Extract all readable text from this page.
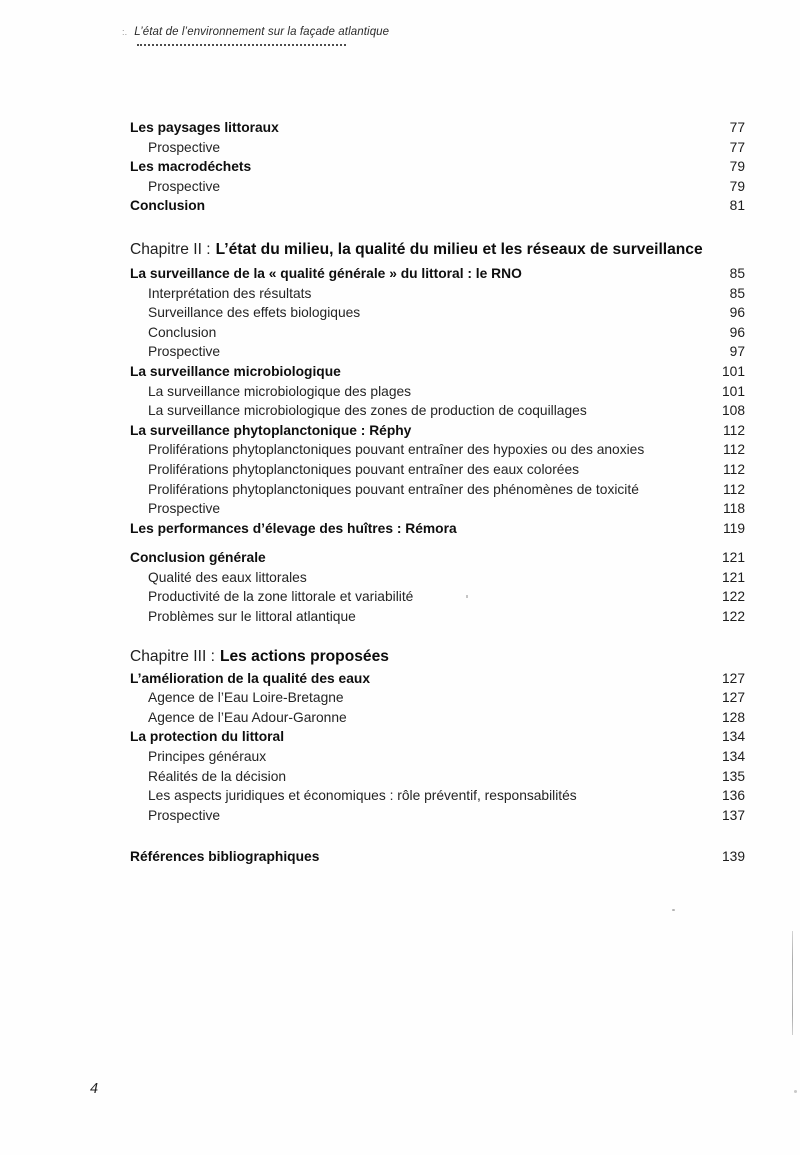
:. L’état de l’environnement sur la façade atlantique
Les paysages littoraux	77
Prospective	77
Les macrodéchets	79
Prospective	79
Conclusion	81
Chapitre II : L’état du milieu, la qualité du milieu et les réseaux de surveillance
La surveillance de la « qualité générale » du littoral : le RNO	85
Interprétation des résultats	85
Surveillance des effets biologiques	96
Conclusion	96
Prospective	97
La surveillance microbiologique	101
La surveillance microbiologique des plages	101
La surveillance microbiologique des zones de production de coquillages	108
La surveillance phytoplanctonique : Réphy	112
Proliférations phytoplanctoniques pouvant entraîner des hypoxies ou des anoxies	112
Proliférations phytoplanctoniques pouvant entraîner des eaux colorées	112
Proliférations phytoplanctoniques pouvant entraîner des phénomènes de toxicité	112
Prospective	118
Les performances d’élevage des huîtres : Rémora	119
Conclusion générale	121
Qualité des eaux littorales	121
Productivité de la zone littorale et variabilité	122
Problèmes sur le littoral atlantique	122
Chapitre III : Les actions proposées
L’amélioration de la qualité des eaux	127
Agence de l’Eau Loire-Bretagne	127
Agence de l’Eau Adour-Garonne	128
La protection du littoral	134
Principes généraux	134
Réalités de la décision	135
Les aspects juridiques et économiques : rôle préventif, responsabilités	136
Prospective	137
Références bibliographiques	139
4
